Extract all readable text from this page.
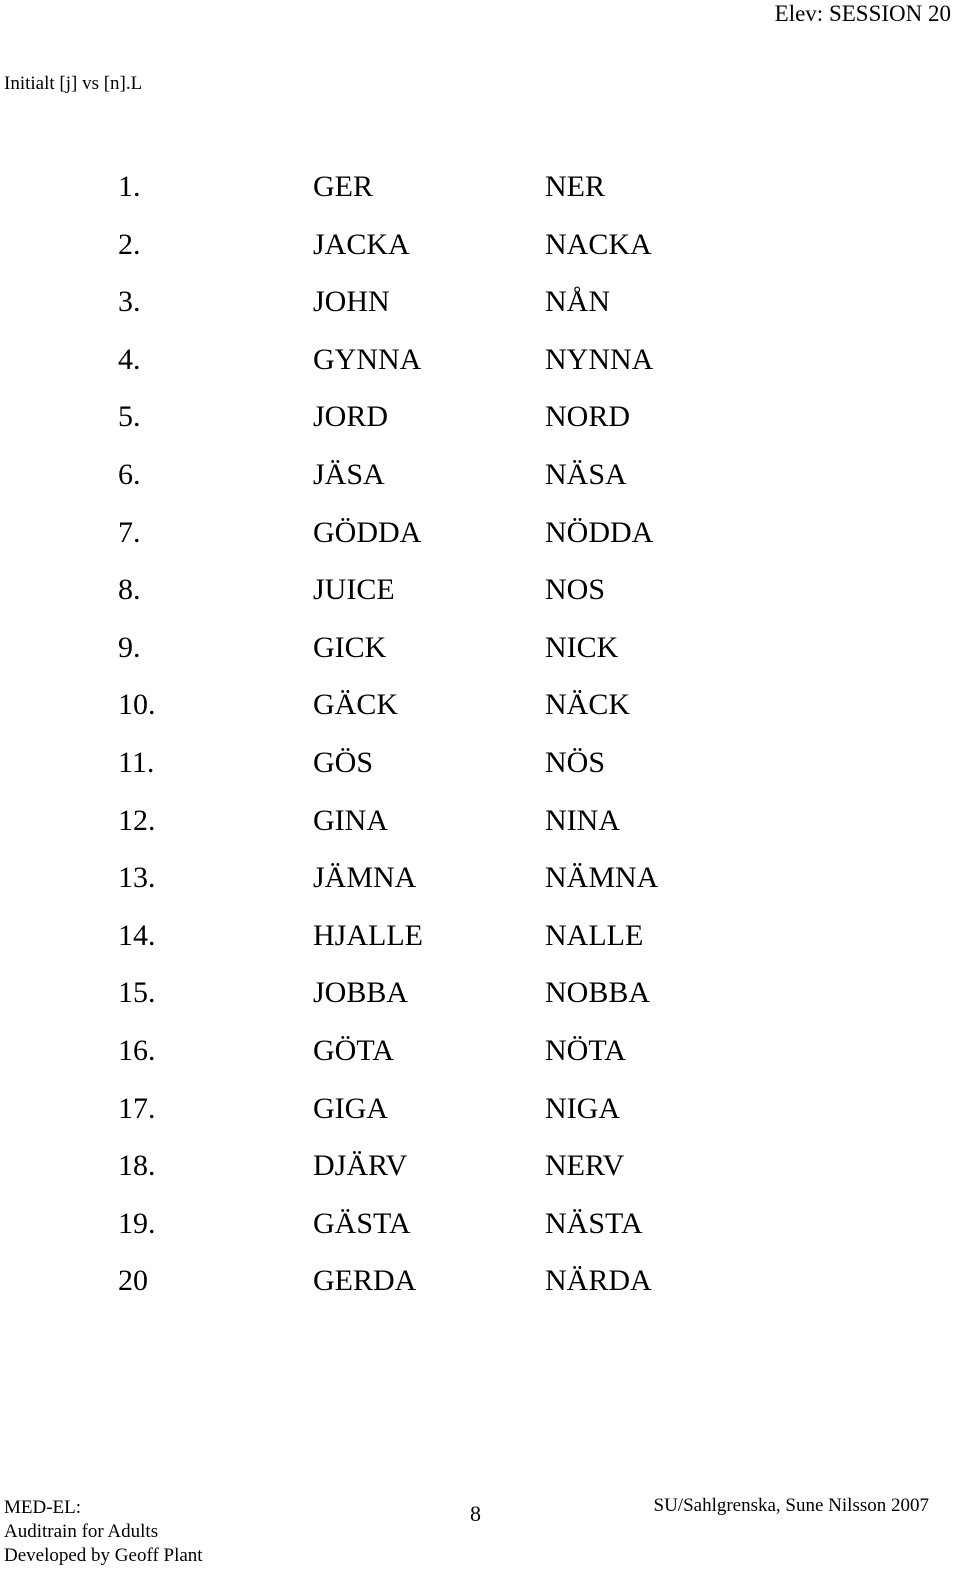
Elev: SESSION 20
Initialt [j] vs [n].L
1.	GER	NER
2.	JACKA	NACKA
3.	JOHN	NÅN
4.	GYNNA	NYNNA
5.	JORD	NORD
6.	JÄSA	NÄSA
7.	GÖDDA	NÖDDA
8.	JUICE	NOS
9.	GICK	NICK
10.	GÄCK	NÄCK
11.	GÖS	NÖS
12.	GINA	NINA
13.	JÄMNA	NÄMNA
14.	HJALLE	NALLE
15.	JOBBA	NOBBA
16.	GÖTA	NÖTA
17.	GIGA	NIGA
18.	DJÄRV	NERV
19.	GÄSTA	NÄSTA
20	GERDA	NÄRDA
MED-EL:
Auditrain for Adults
Developed by Geoff Plant
8	SU/Sahlgrenska, Sune Nilsson 2007
